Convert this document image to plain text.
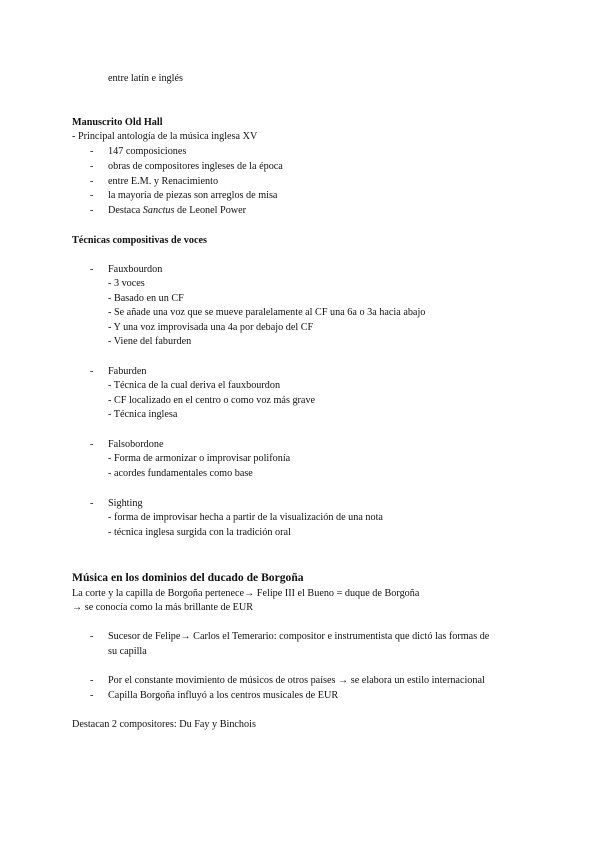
entre latín e inglés
Manuscrito Old Hall
- Principal antología de la música inglesa XV
- 147 composiciones
- obras de compositores ingleses de la época
- entre E.M. y Renacimiento
- la mayoría de piezas son arreglos de misa
- Destaca Sanctus de Leonel Power
Técnicas compositivas de voces
- Fauxbourdon
- 3 voces
- Basado en un CF
- Se añade una voz que se mueve paralelamente al CF una 6a o 3a hacia abajo
- Y una voz improvisada una 4a por debajo del CF
- Viene del faburden
- Faburden
- Técnica de la cual deriva el fauxbourdon
- CF localizado en el centro o como voz más grave
- Técnica inglesa
- Falsobordone
- Forma de armonizar o improvisar polifonía
- acordes fundamentales como base
- Sighting
- forma de improvisar hecha a partir de la visualización de una nota
- técnica inglesa surgida con la tradición oral
Música en los dominios del ducado de Borgoña
La corte y la capilla de Borgoña pertenece→ Felipe III el Bueno = duque de Borgoña
→ se conocía como la más brillante de EUR
- Sucesor de Felipe→ Carlos el Temerario: compositor e instrumentista que dictó las formas de
su capilla
- Por el constante movimiento de músicos de otros países → se elabora un estilo internacional
- Capilla Borgoña influyó a los centros musicales de EUR
Destacan 2 compositores: Du Fay y Binchois
